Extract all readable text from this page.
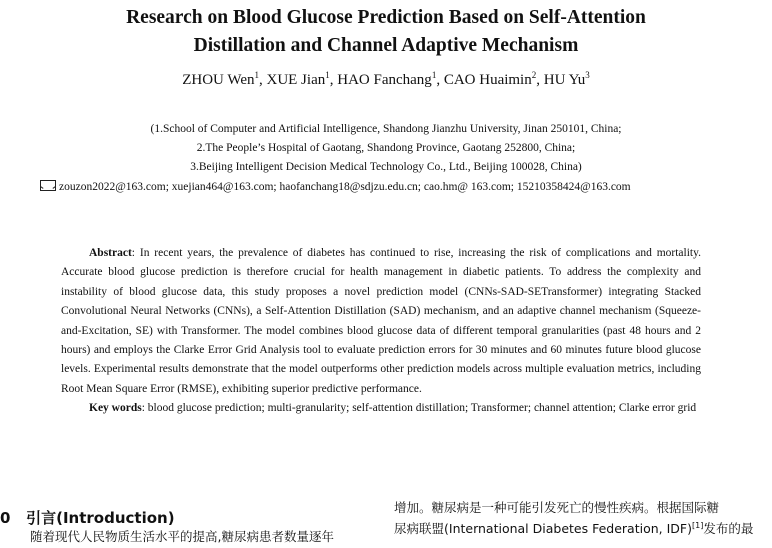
Research on Blood Glucose Prediction Based on Self-Attention
Distillation and Channel Adaptive Mechanism
ZHOU Wen$^1$, XUE Jian$^1$, HAO Fanchang$^1$, CAO Huaimin$^2$, HU Yu$^3$
(1.School of Computer and Artificial Intelligence, Shandong Jianzhu University, Jinan 250101, China;
2.The People’s Hospital of Gaotang, Shandong Province, Gaotang 252800, China;
3.Beijing Intelligent Decision Medical Technology Co., Ltd., Beijing 100028, China)
zouzon2022@163.com; xuejian464@163.com; haofanchang18@sdjzu.edu.cn; cao.hm@ 163.com; 15210358424@163.com

Abstract: In recent years, the prevalence of diabetes has continued to rise, increasing the risk of complications and mortality. Accurate blood glucose prediction is therefore crucial for health management in diabetic patients. To address the complexity and instability of blood glucose data, this study proposes a novel prediction model (CNNs-SAD-SETransformer) integrating Stacked Convolutional Neural Networks (CNNs), a Self-Attention Distillation (SAD) mechanism, and an adaptive channel mechanism (Squeeze-and-Excitation, SE) with Transformer. The model combines blood glucose data of different temporal granularities (past 48 hours and 2 hours) and employs the Clarke Error Grid Analysis tool to evaluate prediction errors for 30 minutes and 60 minutes future blood glucose levels. Experimental results demonstrate that the model outperforms other prediction models across multiple evaluation metrics, including Root Mean Square Error (RMSE), exhibiting superior predictive performance.

Key words: blood glucose prediction; multi-granularity; self-attention distillation; Transformer; channel attention; Clarke error grid

0 引言(Introduction)
随着现代人民物质生活水平的提高,糖尿病患者数量逐年
增加。糖尿病是一种可能引发死亡的慢性疾病。根据国际糖
尿病联盟(International Diabetes Federation, IDF)[1]发布的最
